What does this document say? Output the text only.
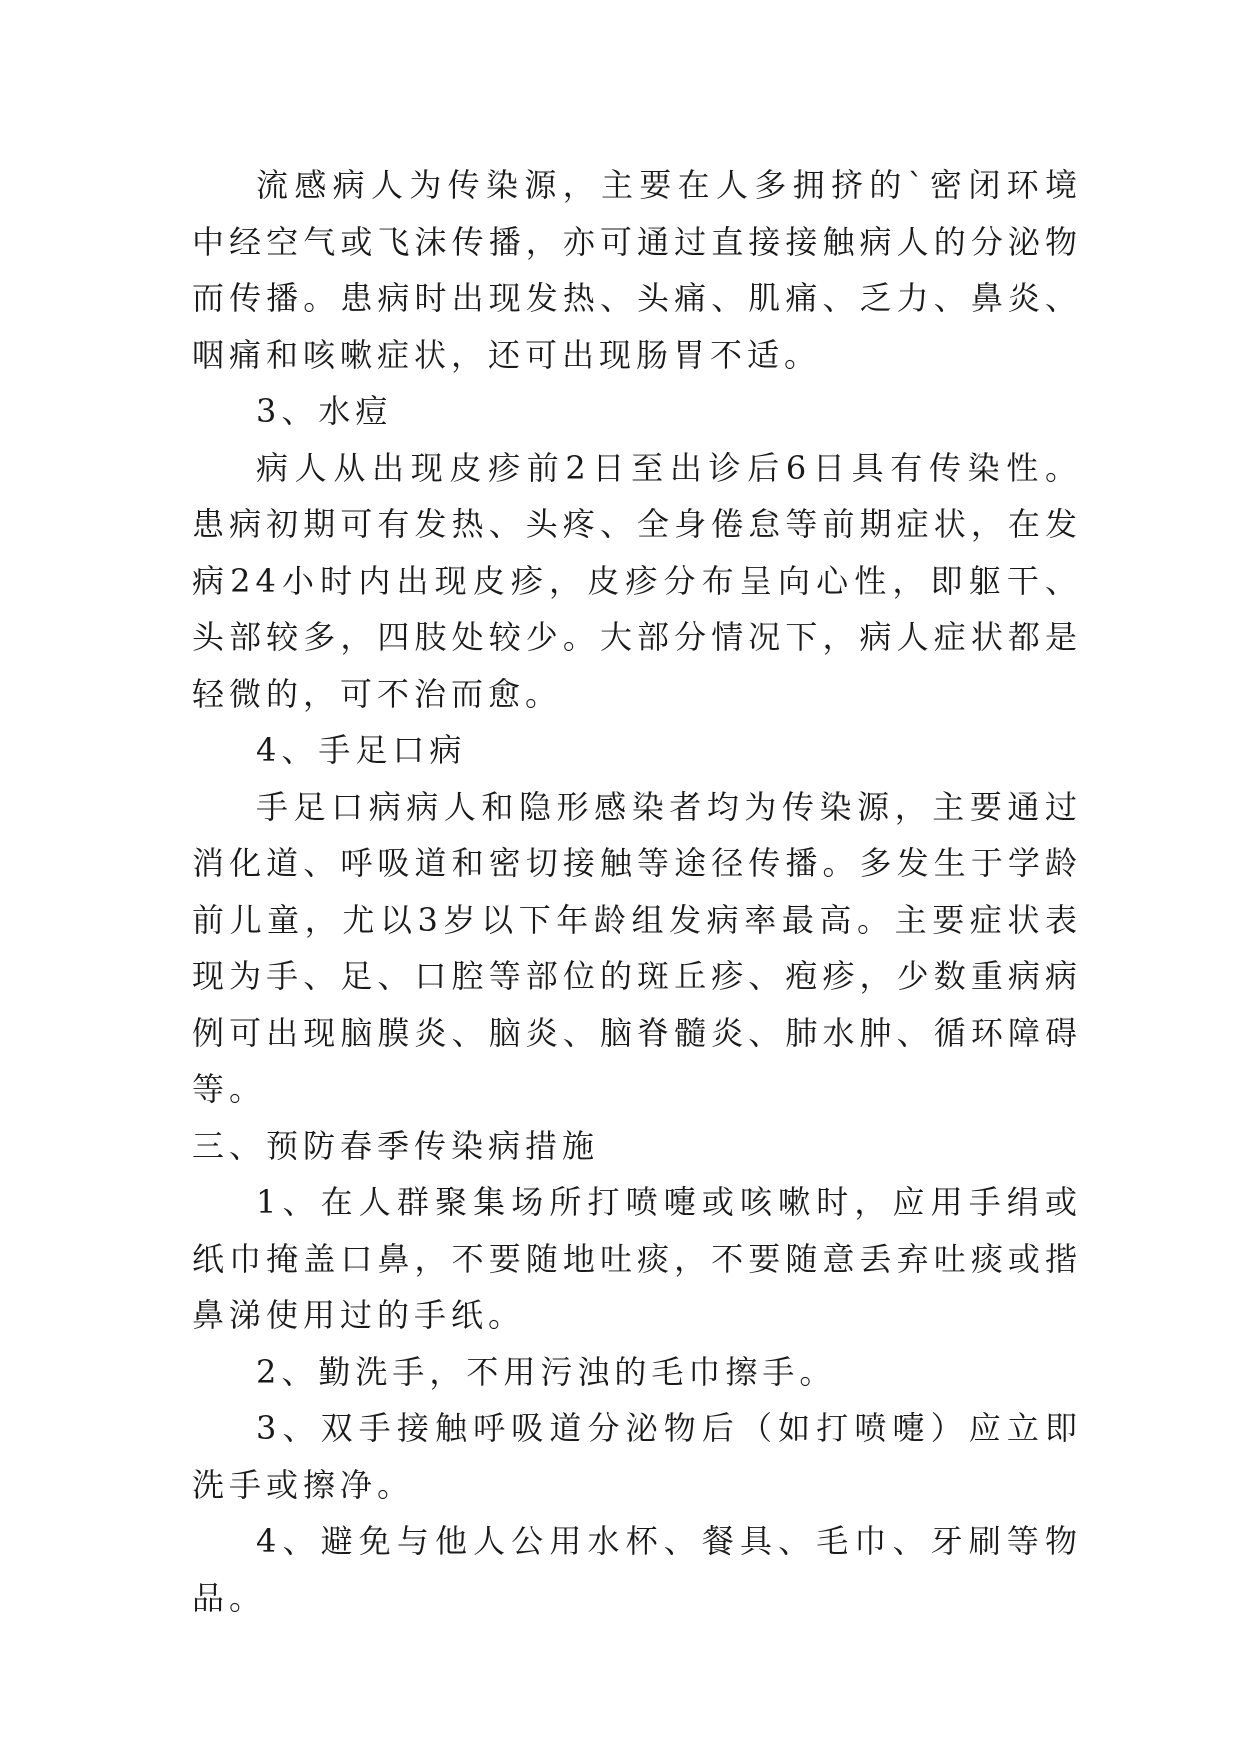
流感病人为传染源，主要在人多拥挤的`密闭环境中经空气或飞沫传播，亦可通过直接接触病人的分泌物而传播。患病时出现发热、头痛、肌痛、乏力、鼻炎、咽痛和咳嗽症状，还可出现肠胃不适。

3、水痘

病人从出现皮疹前2日至出诊后6日具有传染性。患病初期可有发热、头疼、全身倦怠等前期症状，在发病24小时内出现皮疹，皮疹分布呈向心性，即躯干、头部较多，四肢处较少。大部分情况下，病人症状都是轻微的，可不治而愈。

4、手足口病

手足口病病人和隐形感染者均为传染源，主要通过消化道、呼吸道和密切接触等途径传播。多发生于学龄前儿童，尤以3岁以下年龄组发病率最高。主要症状表现为手、足、口腔等部位的斑丘疹、疱疹，少数重病病例可出现脑膜炎、脑炎、脑脊髓炎、肺水肿、循环障碍等。

三、预防春季传染病措施

1、在人群聚集场所打喷嚏或咳嗽时，应用手绢或纸巾掩盖口鼻，不要随地吐痰，不要随意丢弃吐痰或揩鼻涕使用过的手纸。

2、勤洗手，不用污浊的毛巾擦手。

3、双手接触呼吸道分泌物后（如打喷嚏）应立即洗手或擦净。

4、避免与他人公用水杯、餐具、毛巾、牙刷等物品。
